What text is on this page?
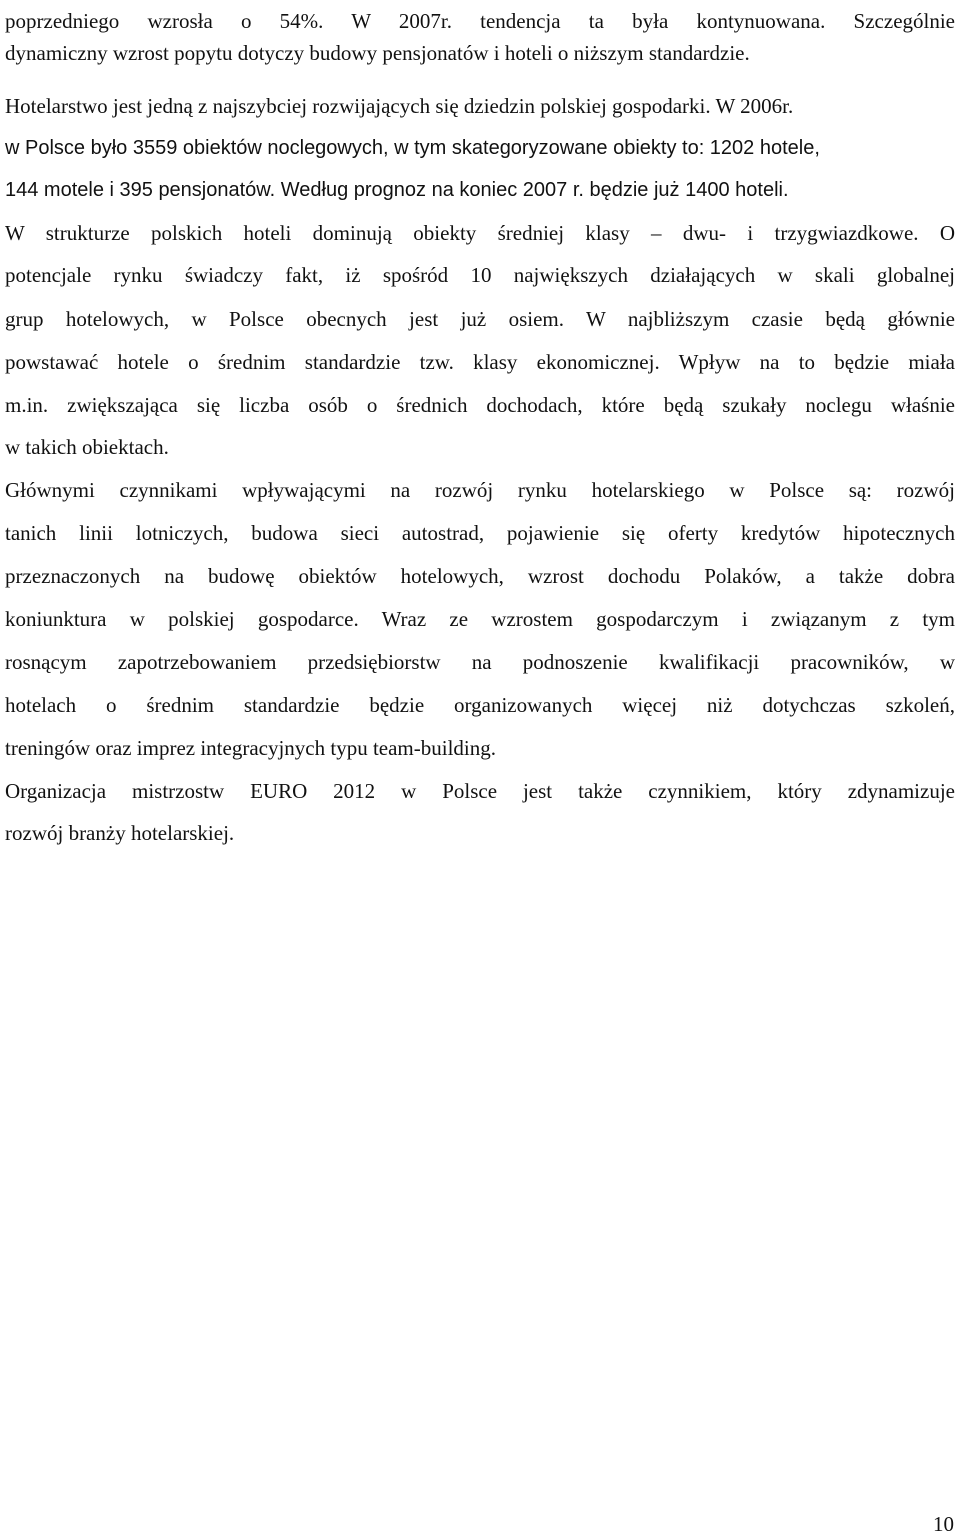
poprzedniego wzrosła o 54%. W 2007r. tendencja ta była kontynuowana. Szczególnie

dynamiczny wzrost popytu dotyczy budowy pensjonatów i hoteli o niższym standardzie.

Hotelarstwo jest jedną z najszybciej rozwijających się dziedzin polskiej gospodarki. W 2006r.

w Polsce było 3559 obiektów noclegowych, w tym skategoryzowane obiekty to: 1202 hotele,

144 motele i 395 pensjonatów. Według prognoz na koniec 2007 r. będzie już 1400 hoteli.

W strukturze polskich hoteli dominują obiekty średniej klasy – dwu- i trzygwiazdkowe. O

potencjale rynku świadczy fakt, iż spośród 10 największych działających w skali globalnej

grup hotelowych, w Polsce obecnych jest już osiem. W najbliższym czasie będą głównie

powstawać hotele o średnim standardzie tzw. klasy ekonomicznej. Wpływ na to będzie miała

m.in. zwiększająca się liczba osób o średnich dochodach, które będą szukały noclegu właśnie

w takich obiektach.

Głównymi czynnikami wpływającymi na rozwój rynku hotelarskiego w Polsce są: rozwój

tanich linii lotniczych, budowa sieci autostrad, pojawienie się oferty kredytów hipotecznych

przeznaczonych na budowę obiektów hotelowych, wzrost dochodu Polaków, a także dobra

koniunktura w polskiej gospodarce. Wraz ze wzrostem gospodarczym i związanym z tym

rosnącym zapotrzebowaniem przedsiębiorstw na podnoszenie kwalifikacji pracowników, w

hotelach o średnim standardzie będzie organizowanych więcej niż dotychczas szkoleń,

treningów oraz imprez integracyjnych typu team-building.

Organizacja mistrzostw EURO 2012 w Polsce jest także czynnikiem, który zdynamizuje

rozwój branży hotelarskiej.

10
